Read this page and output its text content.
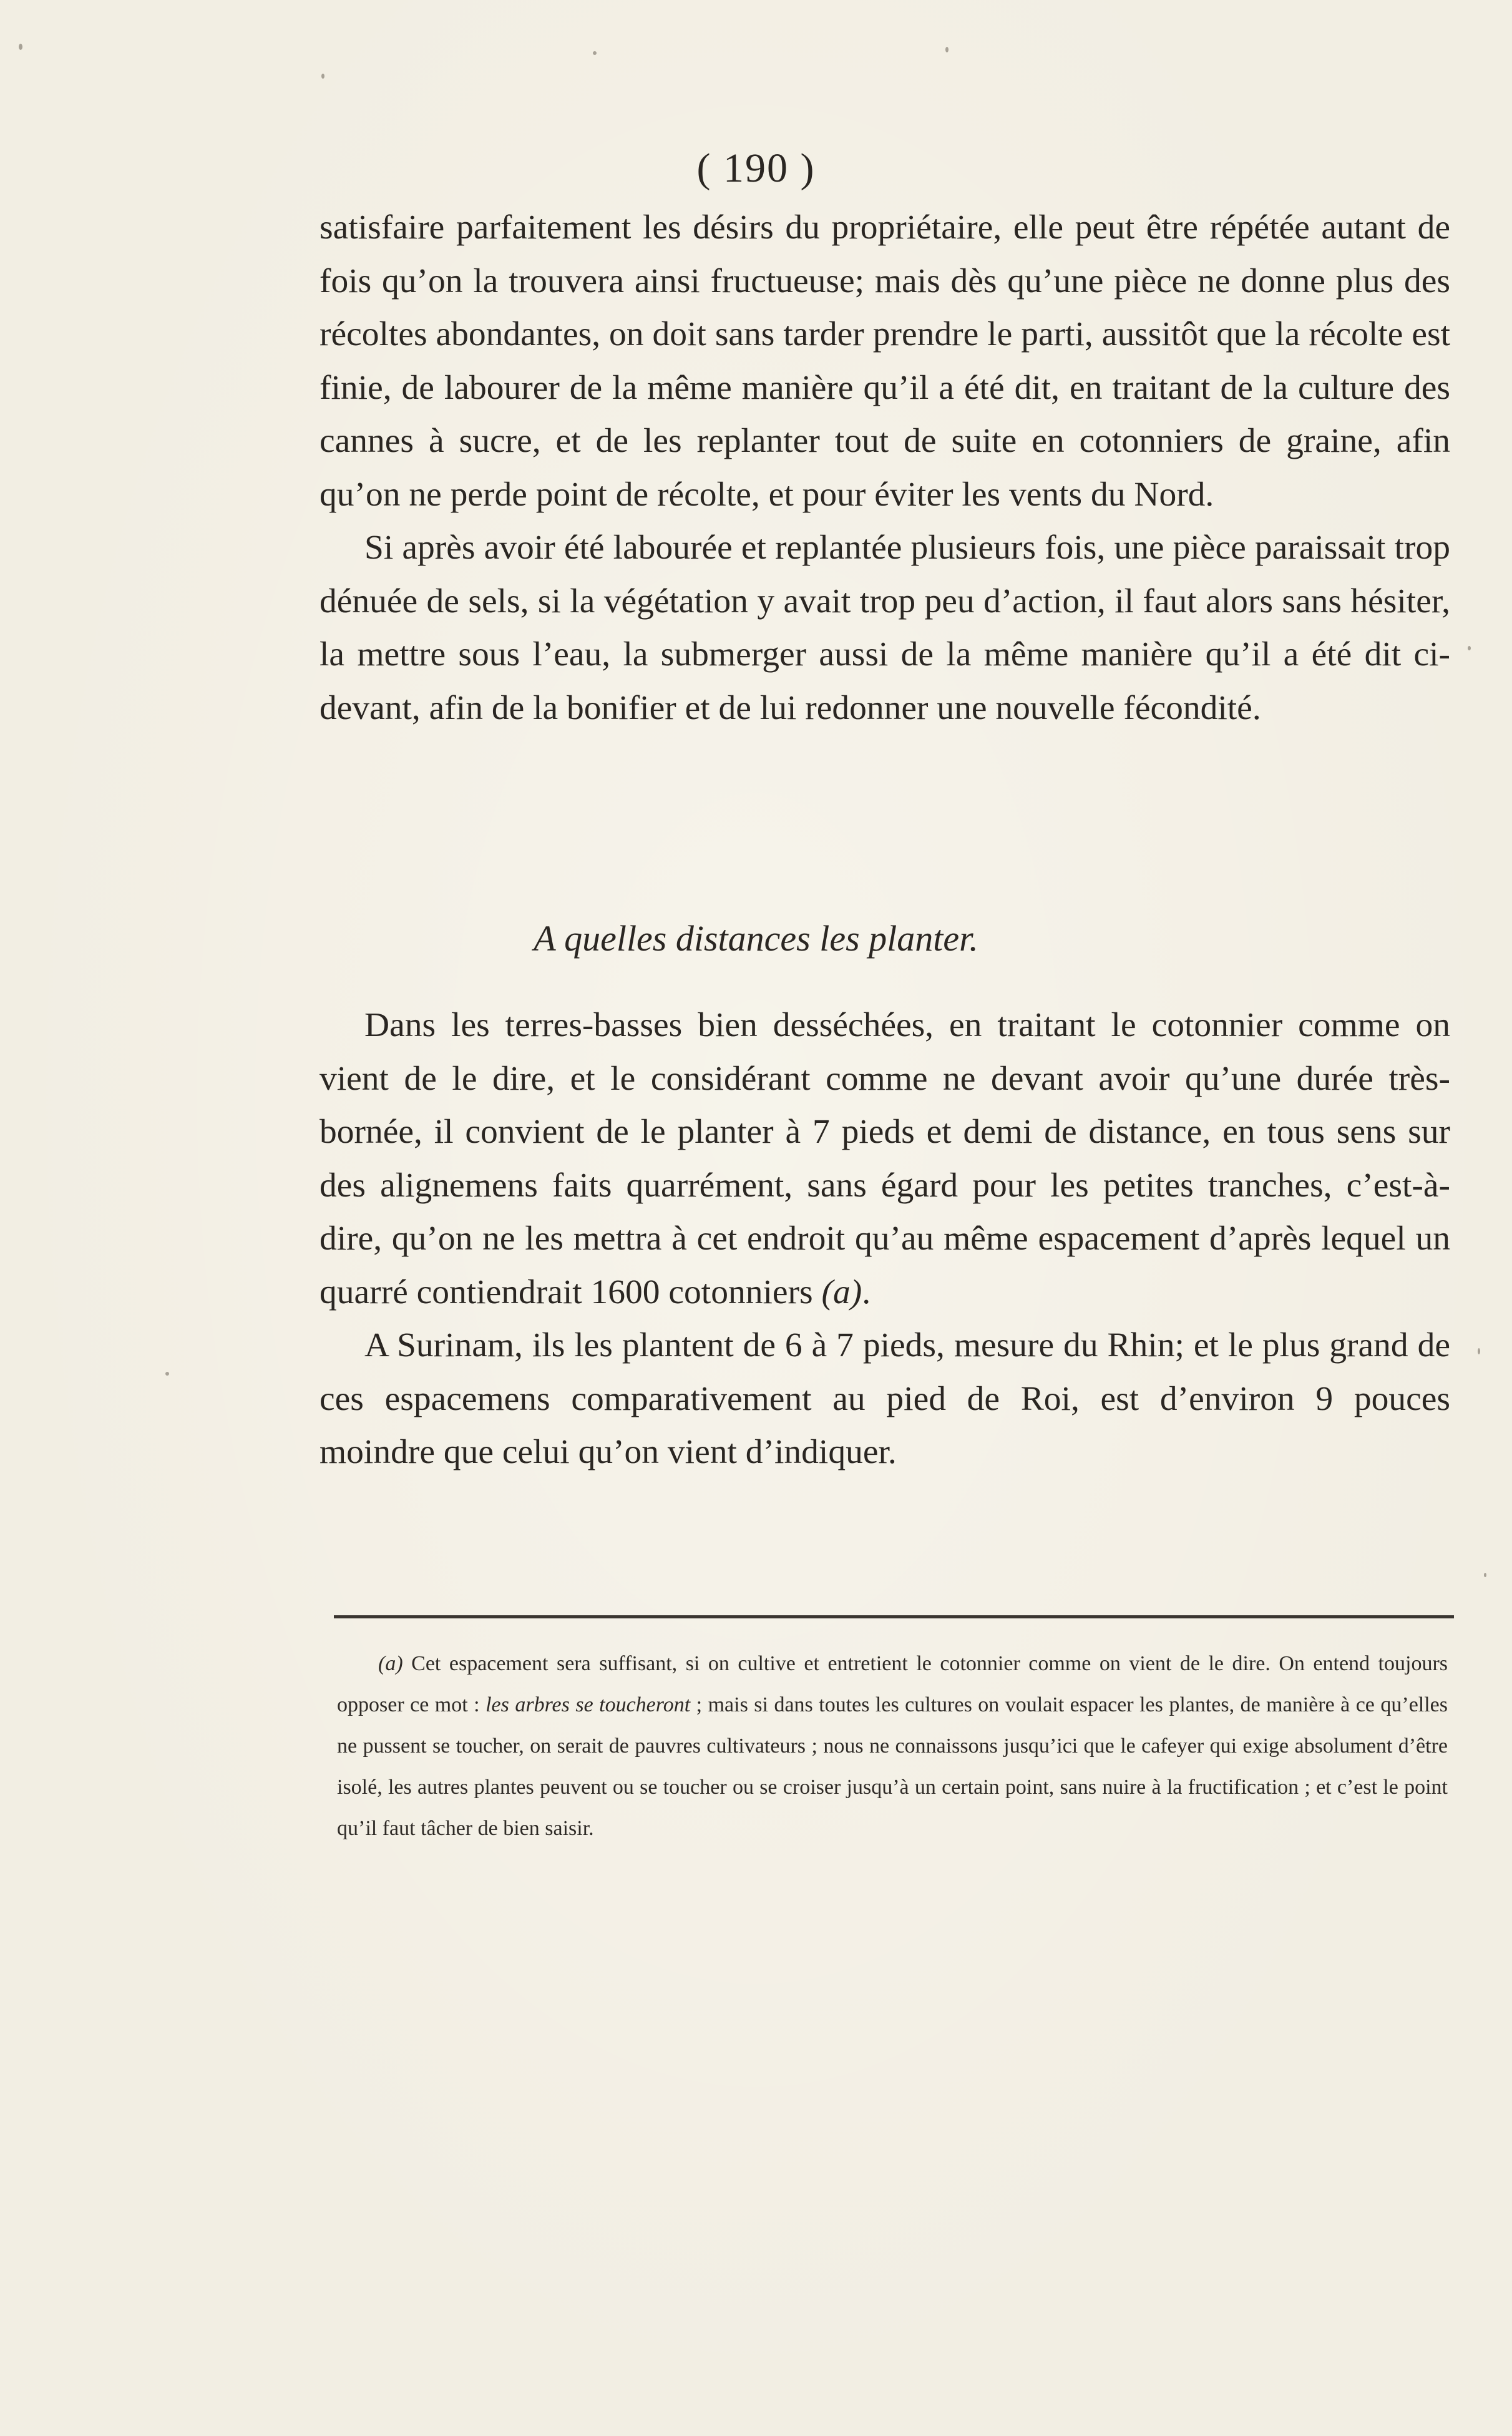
( 190 )

satisfaire parfaitement les désirs du propriétaire, elle peut être répétée autant de fois qu’on la trouvera ainsi fructueuse; mais dès qu’une pièce ne donne plus des récoltes abondantes, on doit sans tarder prendre le parti, aussitôt que la récolte est finie, de labourer de la même manière qu’il a été dit, en traitant de la culture des cannes à sucre, et de les replanter tout de suite en cotonniers de graine, afin qu’on ne perde point de récolte, et pour éviter les vents du Nord.

Si après avoir été labourée et replantée plusieurs fois, une pièce paraissait trop dénuée de sels, si la végétation y avait trop peu d’action, il faut alors sans hésiter, la mettre sous l’eau, la submerger aussi de la même manière qu’il a été dit ci-devant, afin de la bonifier et de lui redonner une nouvelle fécondité.

A quelles distances les planter.

Dans les terres-basses bien desséchées, en traitant le cotonnier comme on vient de le dire, et le considérant comme ne devant avoir qu’une durée très-bornée, il convient de le planter à 7 pieds et demi de distance, en tous sens sur des alignemens faits quarrément, sans égard pour les petites tranches, c’est-à-dire, qu’on ne les mettra à cet endroit qu’au même espacement d’après lequel un quarré contiendrait 1600 cotonniers (a).

A Surinam, ils les plantent de 6 à 7 pieds, mesure du Rhin; et le plus grand de ces espacemens comparativement au pied de Roi, est d’environ 9 pouces moindre que celui qu’on vient d’indiquer.

(a) Cet espacement sera suffisant, si on cultive et entretient le cotonnier comme on vient de le dire. On entend toujours opposer ce mot : les arbres se toucheront ; mais si dans toutes les cultures on voulait espacer les plantes, de manière à ce qu’elles ne pussent se toucher, on serait de pauvres cultivateurs ; nous ne connaissons jusqu’ici que le cafeyer qui exige absolument d’être isolé, les autres plantes peuvent ou se toucher ou se croiser jusqu’à un certain point, sans nuire à la fructification ; et c’est le point qu’il faut tâcher de bien saisir.
